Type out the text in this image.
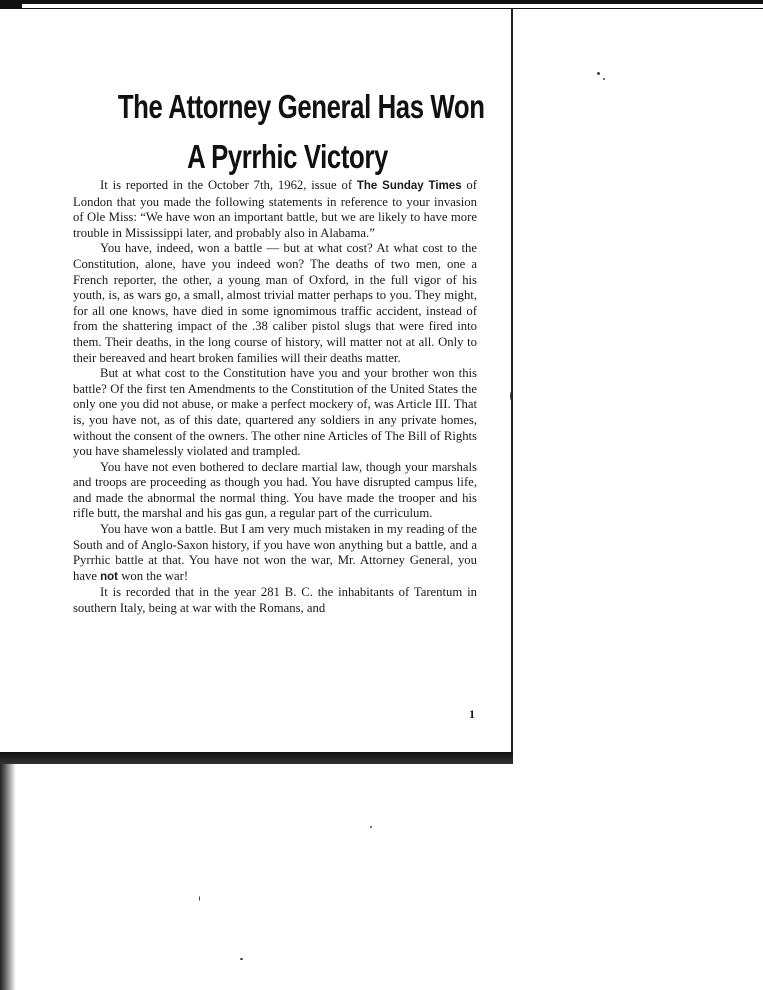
The Attorney General Has Won
A Pyrrhic Victory

It is reported in the October 7th, 1962, issue of The Sunday Times of London that you made the following statements in reference to your invasion of Ole Miss: “We have won an important battle, but we are likely to have more trouble in Mississippi later, and probably also in Alabama.”

You have, indeed, won a battle — but at what cost? At what cost to the Constitution, alone, have you indeed won? The deaths of two men, one a French reporter, the other, a young man of Oxford, in the full vigor of his youth, is, as wars go, a small, almost trivial matter perhaps to you. They might, for all one knows, have died in some ignomimous traffic accident, instead of from the shattering impact of the .38 caliber pistol slugs that were fired into them. Their deaths, in the long course of history, will matter not at all. Only to their bereaved and heart broken families will their deaths matter.

But at what cost to the Constitution have you and your brother won this battle? Of the first ten Amendments to the Constitution of the United States the only one you did not abuse, or make a perfect mockery of, was Article III. That is, you have not, as of this date, quartered any soldiers in any private homes, without the consent of the owners. The other nine Articles of The Bill of Rights you have shamelessly violated and trampled.

You have not even bothered to declare martial law, though your marshals and troops are proceeding as though you had. You have disrupted campus life, and made the abnormal the normal thing. You have made the trooper and his rifle butt, the marshal and his gas gun, a regular part of the curriculum.

You have won a battle. But I am very much mistaken in my reading of the South and of Anglo-Saxon history, if you have won anything but a battle, and a Pyrrhic battle at that. You have not won the war, Mr. Attorney General, you have not won the war!

It is recorded that in the year 281 B. C. the inhabitants of Tarentum in southern Italy, being at war with the Romans, and

1
